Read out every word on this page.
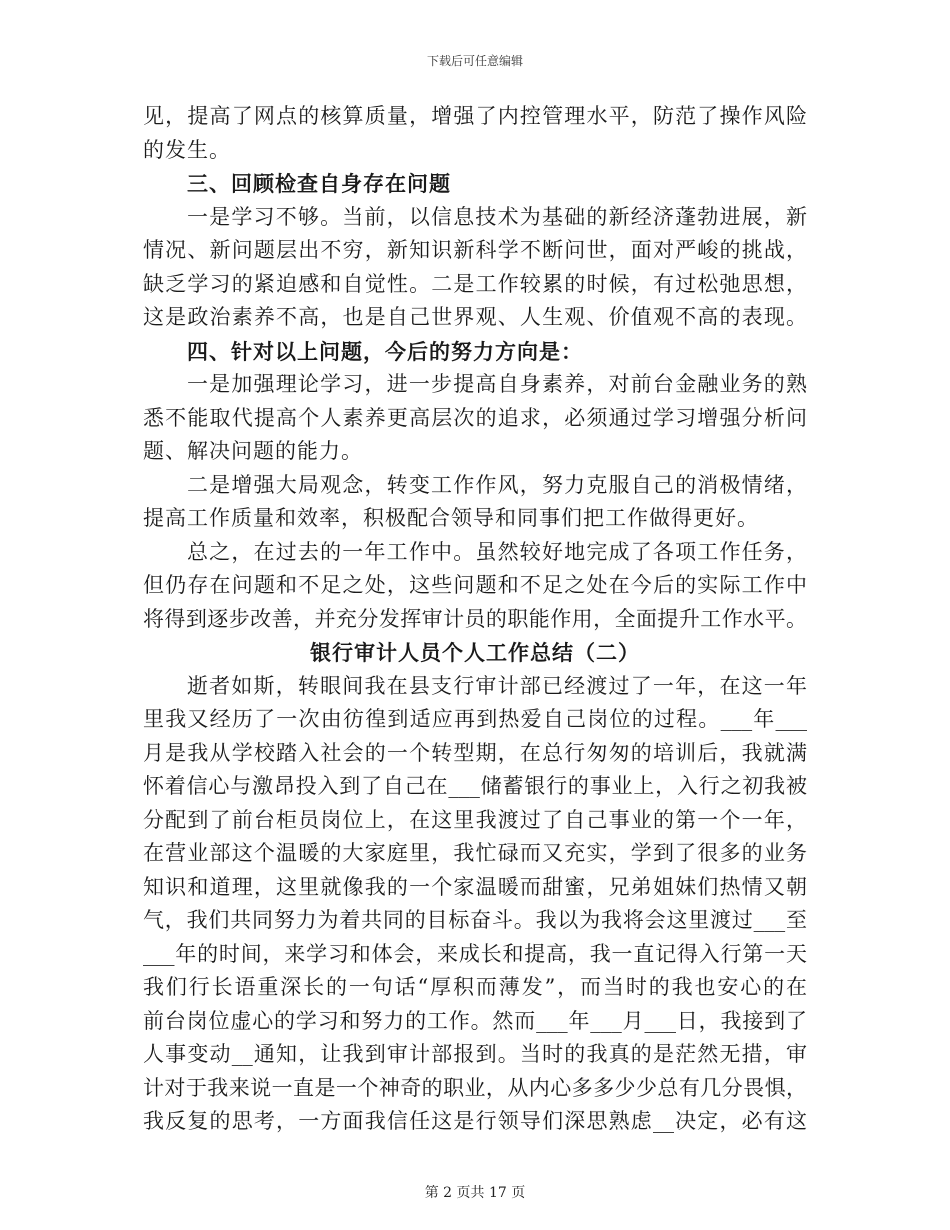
下载后可任意编辑
见，提高了网点的核算质量，增强了内控管理水平，防范了操作风险
的发生。
三、回顾检查自身存在问题
一是学习不够。当前，以信息技术为基础的新经济蓬勃进展，新
情况、新问题层出不穷，新知识新科学不断问世，面对严峻的挑战，
缺乏学习的紧迫感和自觉性。二是工作较累的时候，有过松弛思想，
这是政治素养不高，也是自己世界观、人生观、价值观不高的表现。
四、针对以上问题，今后的努力方向是：
一是加强理论学习，进一步提高自身素养，对前台金融业务的熟
悉不能取代提高个人素养更高层次的追求，必须通过学习增强分析问
题、解决问题的能力。
二是增强大局观念，转变工作作风，努力克服自己的消极情绪，
提高工作质量和效率，积极配合领导和同事们把工作做得更好。
总之，在过去的一年工作中。虽然较好地完成了各项工作任务，
但仍存在问题和不足之处，这些问题和不足之处在今后的实际工作中
将得到逐步改善，并充分发挥审计员的职能作用，全面提升工作水平。
银行审计人员个人工作总结（二）
逝者如斯，转眼间我在县支行审计部已经渡过了一年，在这一年
里我又经历了一次由彷徨到适应再到热爱自己岗位的过程。___年___
月是我从学校踏入社会的一个转型期，在总行匆匆的培训后，我就满
怀着信心与激昂投入到了自己在___储蓄银行的事业上，入行之初我被
分配到了前台柜员岗位上，在这里我渡过了自己事业的第一个一年，
在营业部这个温暖的大家庭里，我忙碌而又充实，学到了很多的业务
知识和道理，这里就像我的一个家温暖而甜蜜，兄弟姐妹们热情又朝
气，我们共同努力为着共同的目标奋斗。我以为我将会这里渡过___至
___年的时间，来学习和体会，来成长和提高，我一直记得入行第一天
我们行长语重深长的一句话“厚积而薄发”，而当时的我也安心的在
前台岗位虚心的学习和努力的工作。然而___年___月___日，我接到了
人事变动__通知，让我到审计部报到。当时的我真的是茫然无措，审
计对于我来说一直是一个神奇的职业，从内心多多少少总有几分畏惧，
我反复的思考，一方面我信任这是行领导们深思熟虑__决定，必有这
第 2 页共 17 页
